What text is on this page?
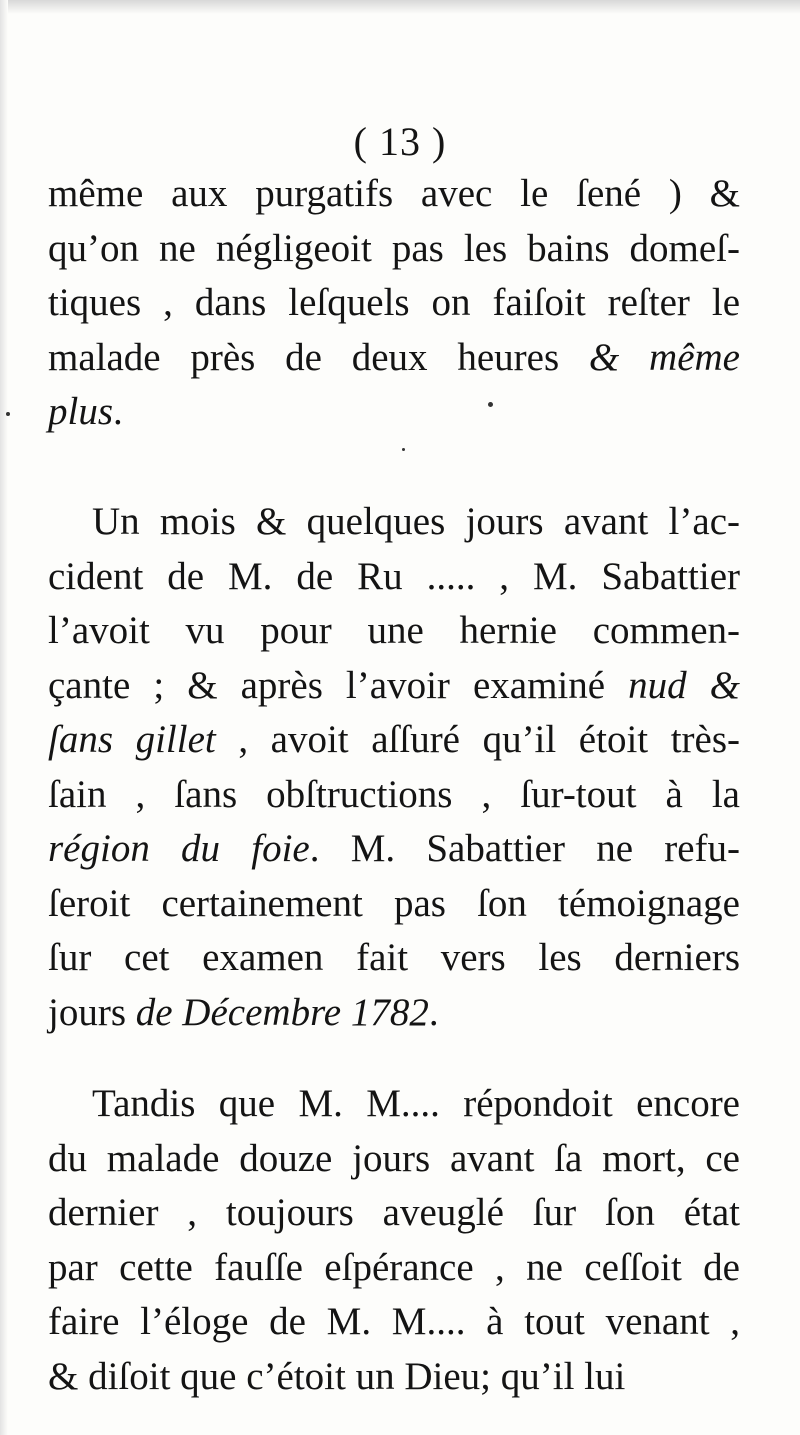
( 13 )
même aux purgatifs avec le ſené ) &
qu’on ne négligeoit pas les bains domeſ-
tiques , dans leſquels on faiſoit reſter le
malade près de deux heures & même
plus.
Un mois & quelques jours avant l’ac-
cident de M. de Ru ..... , M. Sabattier
l’avoit vu pour une hernie commen-
çante ; & après l’avoir examiné nud &
ſans gillet , avoit aſſuré qu’il étoit très-
ſain , ſans obſtructions , ſur-tout à la
région du foie. M. Sabattier ne refu-
ſeroit certainement pas ſon témoignage
ſur cet examen fait vers les derniers
jours de Décembre 1782.
Tandis que M. M.... répondoit encore
du malade douze jours avant ſa mort, ce
dernier , toujours aveuglé ſur ſon état
par cette fauſſe eſpérance , ne ceſſoit de
faire l’éloge de M. M.... à tout venant ,
& diſoit que c’étoit un Dieu; qu’il lui
